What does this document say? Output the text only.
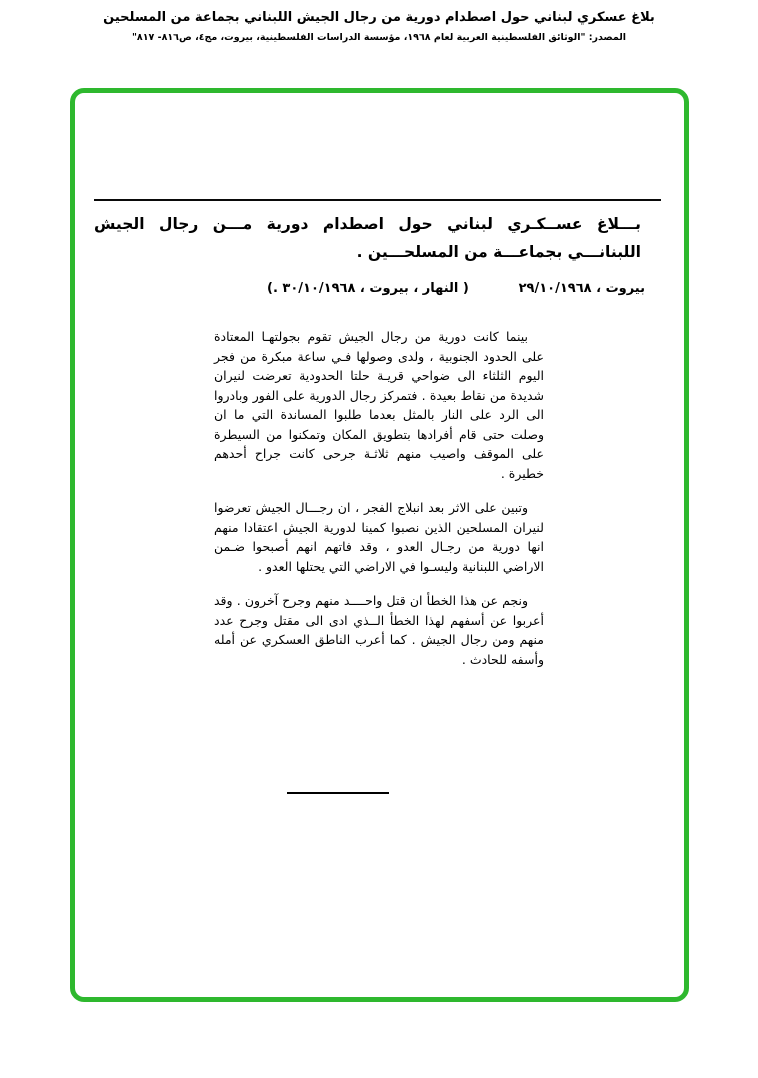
بلاغ عسكري لبناني حول اصطدام دورية من رجال الجيش اللبناني بجماعة من المسلحين
المصدر: "الوثائق الفلسطينية العربية لعام ١٩٦٨، مؤسسة الدراسات الفلسطينية، بيروت، مج٤، ص٨١٦- ٨١٧"
بـــلاغ عســكـري لبناني حول اصطدام دورية مـــن رجال الجيش اللبنانـــي بجماعـــة من المسلحـــين .
بيروت ، ٢٩/١٠/١٩٦٨
( النهار ، بيروت ، ٣٠/١٠/١٩٦٨ .)

بينما كانت دورية من رجال الجيش تقوم بجولتهـا المعتادة على الحدود الجنوبية ، ولدى وصولها فـي ساعة مبكرة من فجر اليوم الثلثاء الى ضواحي قريـة حلتا الحدودية تعرضت لنيران شديدة من نقاط بعيدة . فتمركز رجال الدورية على الفور وبادروا الى الرد على النار بالمثل بعدما طلبوا المساندة التي ما ان وصلت حتى قام أفرادها بتطويق المكان وتمكنوا من السيطرة على الموقف واصيب منهم ثلاثـة جرحى كانت جراح أحدهم خطيرة .

وتبين على الاثر بعد انبلاج الفجر ، ان رجـــال الجيش تعرضوا لنيران المسلحين الذين نصبوا كمينا لدورية الجيش اعتقادا منهم انها دورية من رجـال العدو ، وقد فاتهم انهم أصبحوا ضـمن الاراضي اللبنانية وليسـوا في الاراضي التي يحتلها العدو .

ونجم عن هذا الخطأ ان قتل واحــــد منهم وجرح آخرون . وقد أعربوا عن أسفهم لهذا الخطأ الــذي ادى الى مقتل وجرح عدد منهم ومن رجال الجيش . كما أعرب الناطق العسكري عن أمله وأسفه للحادث .
